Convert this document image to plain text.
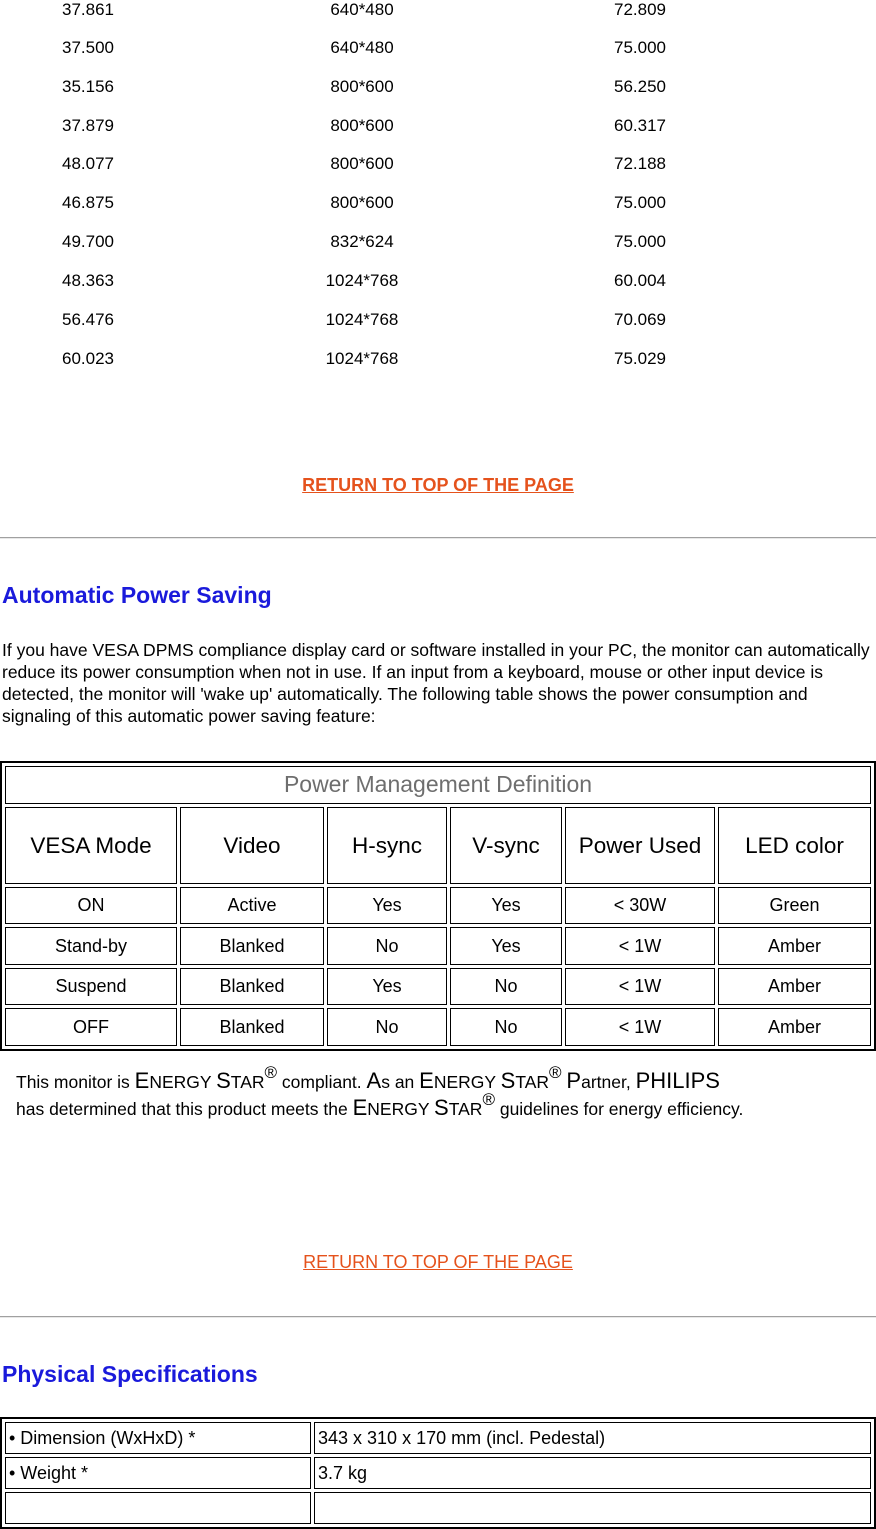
37.861	640*480	72.809
37.500	640*480	75.000
35.156	800*600	56.250
37.879	800*600	60.317
48.077	800*600	72.188
46.875	800*600	75.000
49.700	832*624	75.000
48.363	1024*768	60.004
56.476	1024*768	70.069
60.023	1024*768	75.029
RETURN TO TOP OF THE PAGE
Automatic Power Saving

If you have VESA DPMS compliance display card or software installed in your PC, the monitor can automatically reduce its power consumption when not in use. If an input from a keyboard, mouse or other input device is detected, the monitor will 'wake up' automatically. The following table shows the power consumption and signaling of this automatic power saving feature:

Power Management Definition					
VESA Mode	Video	H-sync	V-sync	Power Used	LED color
ON	Active	Yes	Yes	< 30W	Green
Stand-by	Blanked	No	Yes	< 1W	Amber
Suspend	Blanked	Yes	No	< 1W	Amber
OFF	Blanked	No	No	< 1W	Amber

This monitor is ENERGY STAR® compliant. As an ENERGY STAR® Partner, PHILIPS
has determined that this product meets the ENERGY STAR® guidelines for energy efficiency.

RETURN TO TOP OF THE PAGE
Physical Specifications
• Dimension (WxHxD) *	343 x 310 x 170 mm (incl. Pedestal)
• Weight *	3.7 kg
